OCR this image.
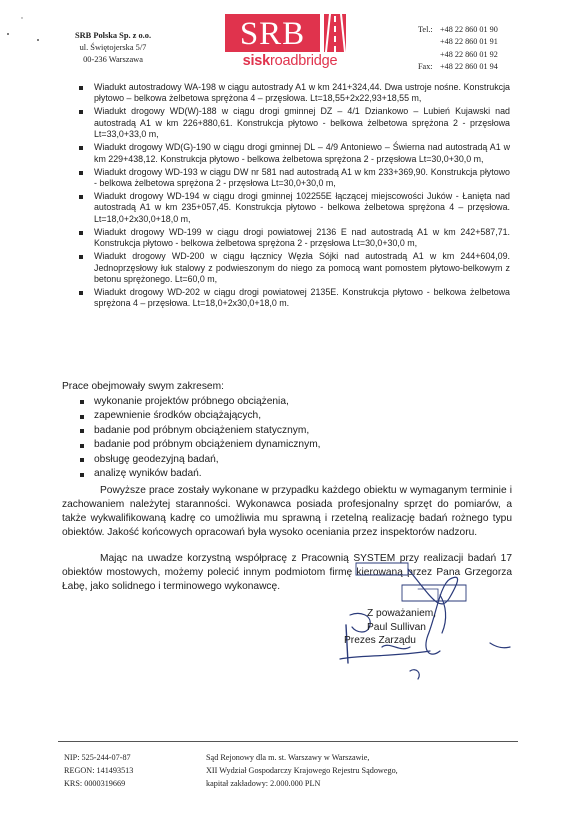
SRB Polska Sp. z o.o.
ul. Świętojerska 5/7
00-236 Warszawa
SRB
siskroadbridge
Tel.: +48 22 860 01 90
+48 22 860 01 91
+48 22 860 01 92
Fax: +48 22 860 01 94
Wiadukt autostradowy WA-198 w ciągu autostrady A1 w km 241+324,44. Dwa ustroje nośne. Konstrukcja płytowo – belkowa żelbetowa sprężona 4 – przęsłowa. Lt=18,55+2x22,93+18,55 m,
Wiadukt drogowy WD(W)-188 w ciągu drogi gminnej DZ – 4/1 Dziankowo – Lubień Kujawski nad autostradą A1 w km 226+880,61. Konstrukcja płytowo - belkowa żelbetowa sprężona 2 - przęsłowa Lt=33,0+33,0 m,
Wiadukt drogowy WD(G)-190 w ciągu drogi gminnej DL – 4/9 Antoniewo – Świerna nad autostradą A1 w km 229+438,12. Konstrukcja płytowo - belkowa żelbetowa sprężona 2 - przęsłowa Lt=30,0+30,0 m,
Wiadukt drogowy WD-193 w ciągu DW nr 581 nad autostradą A1 w km 233+369,90. Konstrukcja płytowo - belkowa żelbetowa sprężona 2 - przęsłowa Lt=30,0+30,0 m,
Wiadukt drogowy WD-194 w ciągu drogi gminnej 102255E łączącej miejscowości Juków - Łanięta nad autostradą A1 w km 235+057,45. Konstrukcja płytowo - belkowa żelbetowa sprężona 4 – przęsłowa. Lt=18,0+2x30,0+18,0 m,
Wiadukt drogowy WD-199 w ciągu drogi powiatowej 2136 E nad autostradą A1 w km 242+587,71. Konstrukcja płytowo - belkowa żelbetowa sprężona 2 - przęsłowa Lt=30,0+30,0 m,
Wiadukt drogowy WD-200 w ciągu łącznicy Węzła Sójki nad autostradą A1 w km 244+604,09. Jednoprzęsłowy łuk stalowy z podwieszonym do niego za pomocą want pomostem płytowo-belkowym z betonu sprężonego. Lt=60,0 m,
Wiadukt drogowy WD-202 w ciągu drogi powiatowej 2135E. Konstrukcja płytowo - belkowa żelbetowa sprężona 4 – przęsłowa. Lt=18,0+2x30,0+18,0 m.
Prace obejmowały swym zakresem:
wykonanie projektów próbnego obciążenia,
zapewnienie środków obciążających,
badanie pod próbnym obciążeniem statycznym,
badanie pod próbnym obciążeniem dynamicznym,
obsługę geodezyjną badań,
analizę wyników badań.

Powyższe prace zostały wykonane w przypadku każdego obiektu w wymaganym terminie i zachowaniem należytej staranności. Wykonawca posiada profesjonalny sprzęt do pomiarów, a także wykwalifikowaną kadrę co umożliwia mu sprawną i rzetelną realizację badań rożnego typu obiektów. Jakość końcowych opracowań była wysoko oceniania przez inspektorów nadzoru.

Mając na uwadze korzystną współpracę z Pracownią SYSTEM przy realizacji badań 17 obiektów mostowych, możemy polecić innym podmiotom firmę kierowaną przez Pana Grzegorza Łabę, jako solidnego i terminowego wykonawcę.

Z poważaniem,
Paul Sullivan
Prezes Zarządu
NIP: 525-244-07-87
REGON: 141493513
KRS: 0000319669
Sąd Rejonowy dla m. st. Warszawy w Warszawie,
XII Wydział Gospodarczy Krajowego Rejestru Sądowego,
kapitał zakładowy: 2.000.000 PLN
